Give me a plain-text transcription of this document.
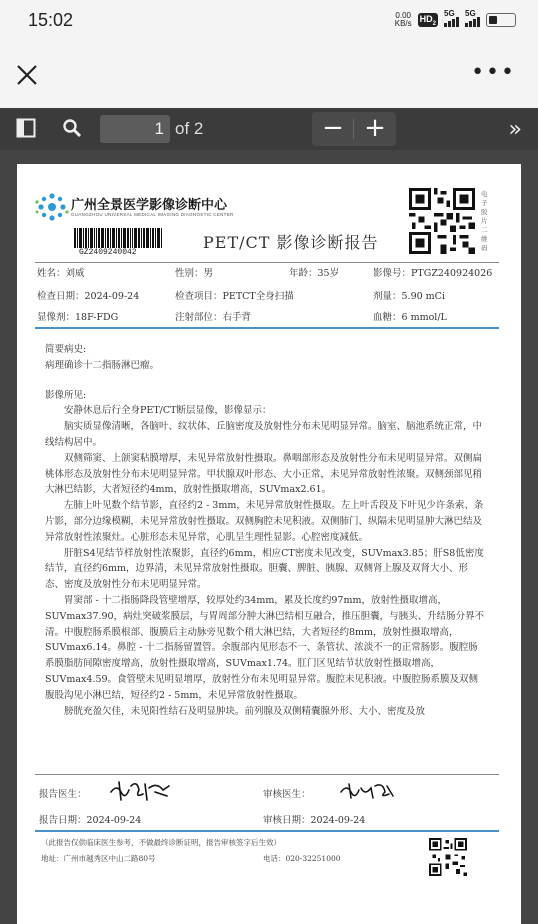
15:02	0.00
KB/s $HD_2$
5G 5G
•••
1 of 2	− +	»
广州全景医学影像诊断中心
GUANGZHOU UNIVERSAL MEDICAL IMAGING DIAGNOSTIC CENTER
GZ2409240042
PET/CT 影像诊断报告
电子胶片二维码
姓名：刘威	性别：男	年龄：35岁	影像号：PTGZ240924026
检查日期：2024-09-24	检查项目：PETCT全身扫描	剂量：5.90 mCi
显像剂：18F-FDG	注射部位：右手背	血糖：6 mmol/L

简要病史:

病理确诊十二指肠淋巴瘤。

影像所见:

安静休息后行全身PET/CT断层显像，影像显示：

脑实质显像清晰，各脑叶、纹状体、丘脑密度及放射性分布未见明显异常。脑室、脑池系统正常，中线结构居中。

双侧筛窦、上颌窦粘膜增厚，未见异常放射性摄取。鼻咽部形态及放射性分布未见明显异常。双侧扁桃体形态及放射性分布未见明显异常。甲状腺双叶形态、大小正常，未见异常放射性浓聚。双侧颈部见稍大淋巴结影，大者短径约4mm，放射性摄取增高，SUVmax2.61。

左肺上叶见数个结节影，直径约2 - 3mm，未见异常放射性摄取。左上叶舌段及下叶见少许条索、条片影，部分边缘模糊，未见异常放射性摄取。双侧胸腔未见积液。双侧肺门、纵隔未见明显肿大淋巴结及异常放射性浓聚灶。心脏形态未见异常，心肌呈生理性显影。心腔密度减低。

肝脏S4见结节样放射性浓聚影，直径约6mm，相应CT密度未见改变，SUVmax3.85；肝S8低密度结节，直径约6mm，边界清，未见异常放射性摄取。胆囊、脾脏、胰腺、双侧肾上腺及双肾大小、形态、密度及放射性分布未见明显异常。

胃窦部 - 十二指肠降段管壁增厚，较厚处约34mm，累及长度约97mm，放射性摄取增高，SUVmax37.90，病灶突破浆膜层，与胃周部分肿大淋巴结相互融合，推压胆囊，与胰头、升结肠分界不清。中腹腔肠系膜根部、腹膜后主动脉旁见数个稍大淋巴结，大者短径约8mm，放射性摄取增高，SUVmax6.14。鼻腔 - 十二指肠留置管。余腹部内见形态不一、条管状、浓淡不一的正常肠影。腹腔肠系膜脂肪间隙密度增高，放射性摄取增高，SUVmax1.74。肛门区见结节状放射性摄取增高，SUVmax4.59。食管壁未见明显增厚，放射性分布未见明显异常。腹腔未见积液。中腹腔肠系膜及双侧腹股沟见小淋巴结，短径约2 - 5mm，未见异常放射性摄取。

膀胱充盈欠佳，未见阳性结石及明显肿块。前列腺及双侧精囊腺外形、大小、密度及放

报告医生：	审核医生：
报告日期：2024-09-24	审核日期：2024-09-24
（此报告仅供临床医生参考，不做最终诊断证明，报告审核签字后生效）
地址：广州市越秀区中山二路80号	电话：020-32251000
